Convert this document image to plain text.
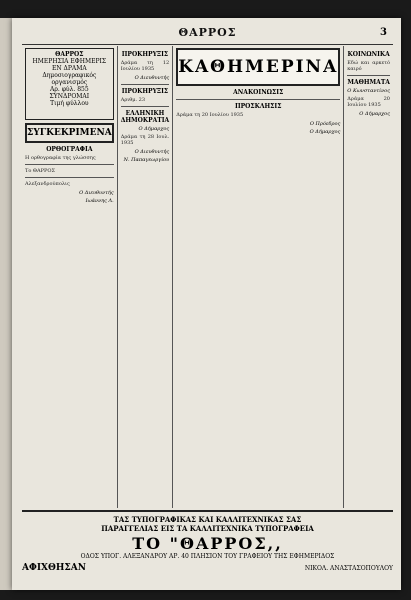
ΘΑΡΡΟΣ	3
ΘΑΡΡΟΣ
ΗΜΕΡΗΣΙΑ ΕΦΗΜΕΡΙΣ
ΕΝ ΔΡΑΜΑ
Δημοσιογραφικός οργανισμός
Αρ. φύλ. 855
ΣΥΝΔΡΟΜΑΙ
Τιμή φύλλου
ΣΥΓΚΕΚΡΙΜΕΝΑ
ΟΡΘΟΓΡΑΦΙΑ

Η ορθογραφία της γλώσσης

Το ΘΑΡΡΟΣ

Αλεξανδρούπολις

Ο Διευθυντής
Ιωάννης Λ.
ΠΡΟΚΗΡΥΞΙΣ

Δράμα τη 12 Ιουλίου 1935

Ο Διευθυντής
ΠΡΟΚΗΡΥΞΙΣ

Αριθμ. 23

ΕΛΛΗΝΙΚΗ ΔΗΜΟΚΡΑΤΙΑ
Ο Δήμαρχος

Δράμα τη 28 Ιουλ. 1935

Ο Διευθυντής
Ν. Παπαγεωργίου
ΚΑΘΗΜΕΡΙΝΑ
ΑΝΑΚΟΙΝΩΣΙΣ
ΠΡΟΣΚΛΗΣΙΣ

Δράμα τη 20 Ιουλίου 1935

Ο Πρόεδρος
Ο Δήμαρχος
ΚΟΙΝΩΝΙΚΑ

Εδώ και αρκετό καιρό

ΜΑΘΗΜΑΤΑ
Ο Κωνσταντίνος

Δράμα 20 Ιουλίου 1935

Ο Δήμαρχος
ΤΑΣ ΤΥΠΟΓΡΑΦΙΚΑΣ ΚΑΙ ΚΑΛΛΙΤΕΧΝΙΚΑΣ ΣΑΣ
ΠΑΡΑΓΓΕΛΙΑΣ ΕΙΣ ΤΑ ΚΑΛΛΙΤΕΧΝΙΚΑ ΤΥΠΟΓΡΑΦΕΙΑ
ΤΟ "ΘΑΡΡΟΣ,,
ΟΔΟΣ ΥΠΟΓ. ΑΛΕΞΑΝΔΡΟΥ ΑΡ. 40 ΠΛΗΣΙΟΝ ΤΟΥ ΓΡΑΦΕΙΟΥ ΤΗΣ ΕΦΗΜΕΡΙΔΟΣ
ΑΦΙΧΘΗΣΑΝ	ΝΙΚΟΛ. ΑΝΑΣΤΑΣΟΠΟΥΛΟΥ
